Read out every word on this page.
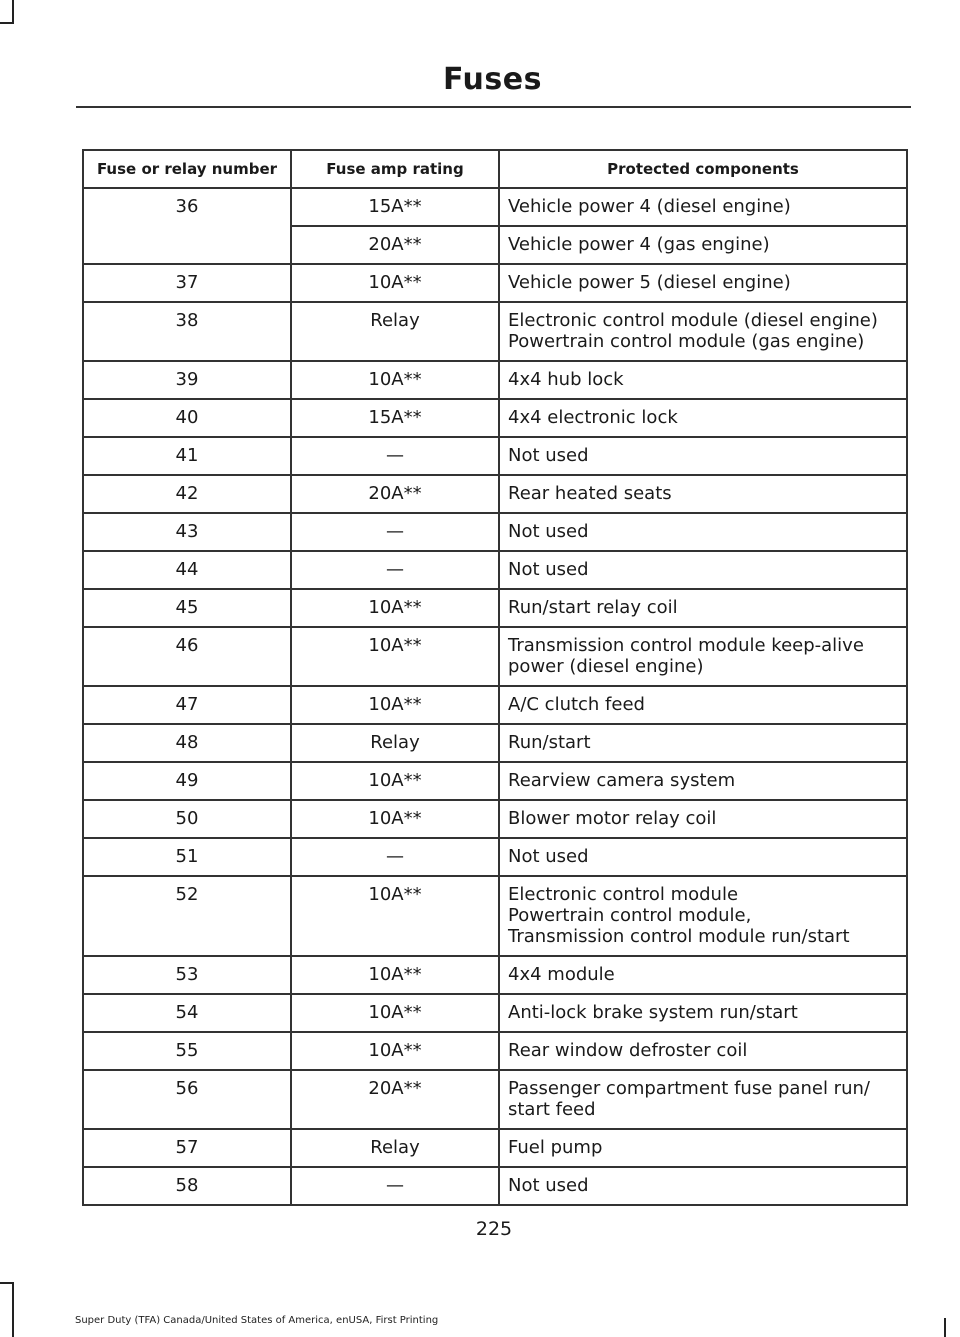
Fuses
Fuse or relay number	Fuse amp rating	Protected components
36	15A**	Vehicle power 4 (diesel engine)

	20A**	Vehicle power 4 (gas engine)

37	10A**	Vehicle power 5 (diesel engine)

38	Relay	Electronic control module (diesel engine)
Powertrain control module (gas engine)

39	10A**	4x4 hub lock

40	15A**	4x4 electronic lock

41	—	Not used

42	20A**	Rear heated seats

43	—	Not used

44	—	Not used

45	10A**	Run/start relay coil

46	10A**	Transmission control module keep-alive
power (diesel engine)

47	10A**	A/C clutch feed

48	Relay	Run/start

49	10A**	Rearview camera system

50	10A**	Blower motor relay coil

51	—	Not used

52	10A**	Electronic control module
Powertrain control module,
Transmission control module run/start

53	10A**	4x4 module

54	10A**	Anti-lock brake system run/start

55	10A**	Rear window defroster coil

56	20A**	Passenger compartment fuse panel run/
start feed

57	Relay	Fuel pump

58	—	Not used
225
Super Duty (TFA) Canada/United States of America, enUSA, First Printing
